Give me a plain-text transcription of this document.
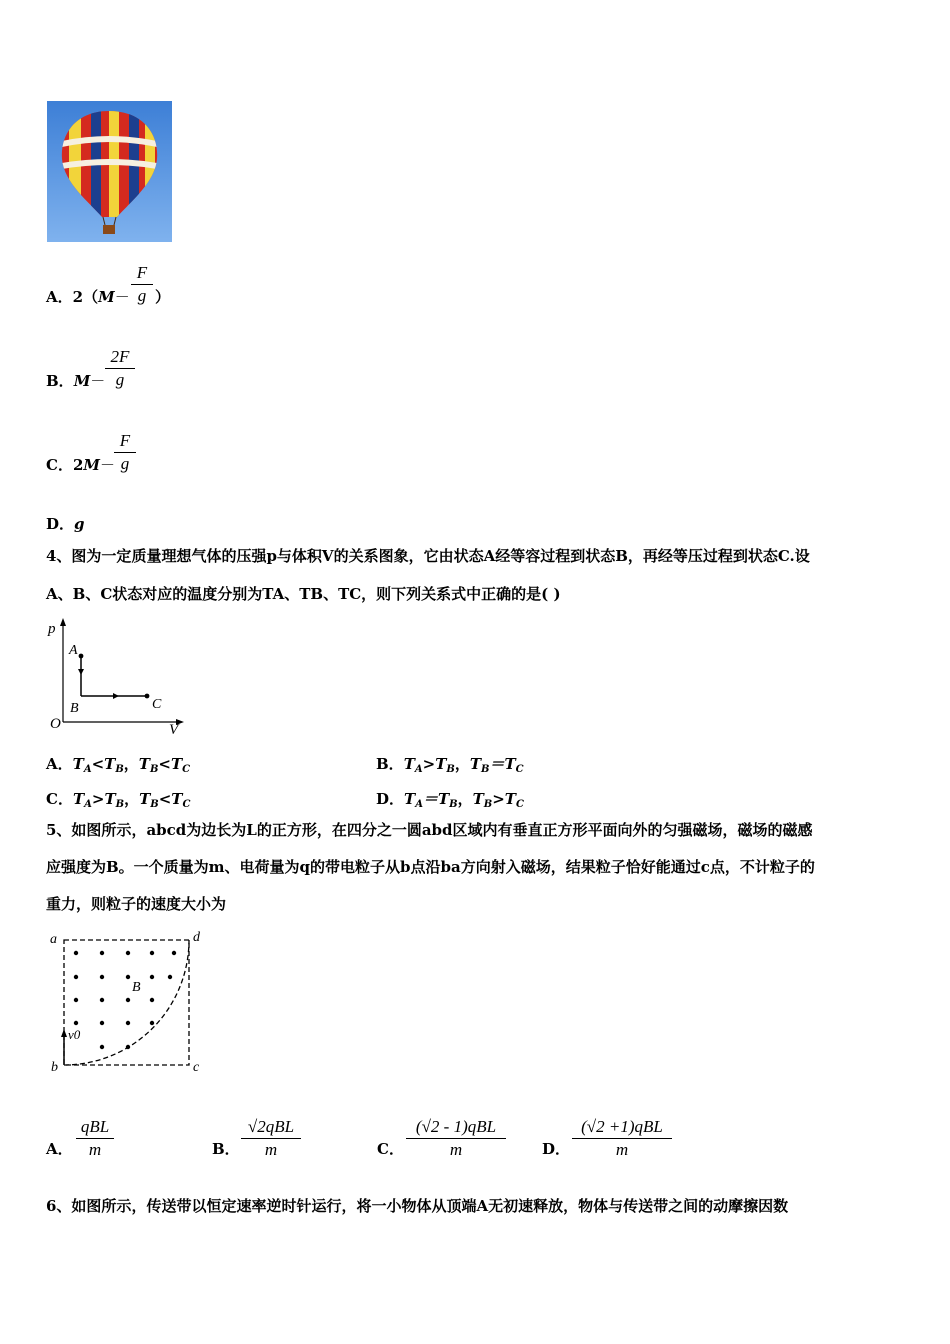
A．$2(M- \frac{F}{g}$ ）
B．$M- \frac{2F}{g}$
C．2M－
$\frac{F}{g}$
D．g
4、图为一定质量理想气体的压强p与体积V的关系图象，它由状态A经等容过程到状态B，再经等压过程到状态C.设
A、B、C状态对应的温度分别为TA、TB、TC，则下列关系式中正确的是( )
p
V
O
A
B	C
A．$T_A<T_B$，$T_B<T_C$	B．$T_A>T_B$，$T_B=T_C$
C．$T_A>T_B$，$T_B<T_C$	D．$T_A=T_B$，$T_B>T_C$
5、如图所示，abcd为边长为L的正方形，在四分之一圆abd区域内有垂直正方形平面向外的匀强磁场，磁场的磁感
应强度为B。一个质量为m、电荷量为q的带电粒子从b点沿ba方向射入磁场，结果粒子恰好能通过c点，不计粒子的
重力，则粒子的速度大小为
a	d
b	c
B
v0
A．
qBL
m	B．
√2qBL
m	C．
(√2 - 1)qBL
m	D．
(√2 +1)qBL
m
6、如图所示，传送带以恒定速率逆时针运行，将一小物体从顶端A无初速释放，物体与传送带之间的动摩擦因数
